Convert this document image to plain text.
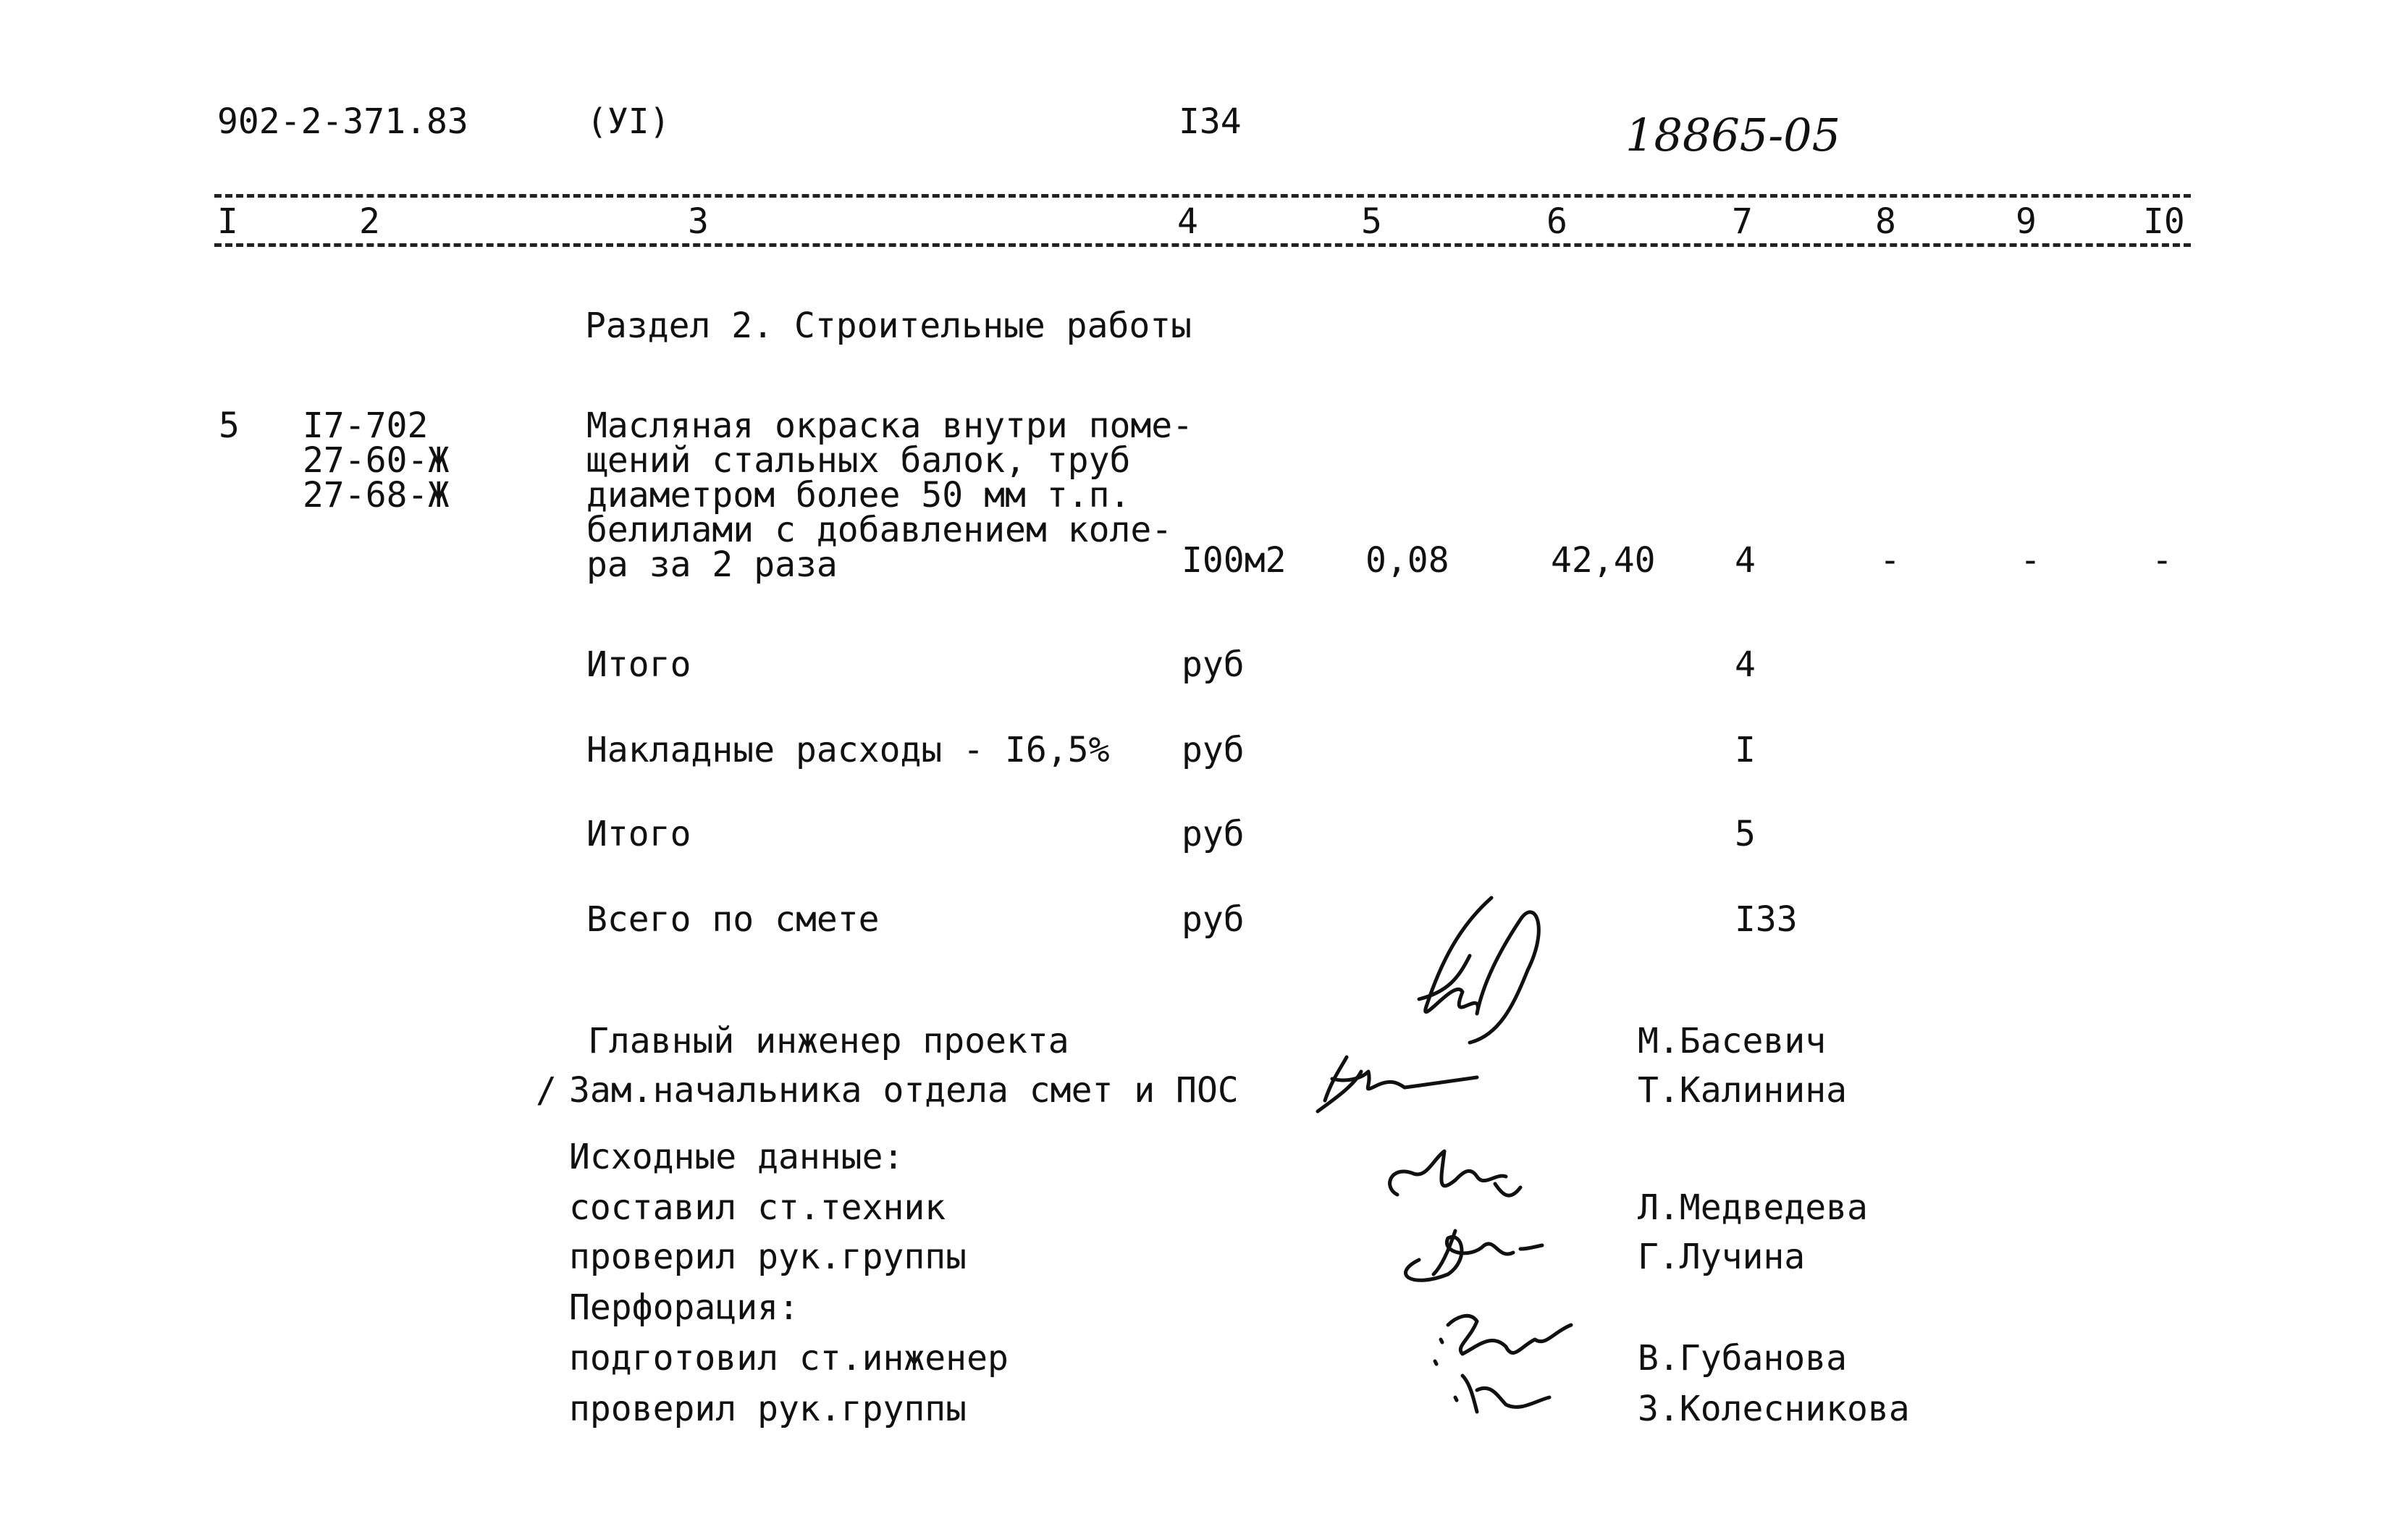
902-2-371.83	(УI)	I34	18865-05
I	2	3	4	5	6	7	8	9	I0
Раздел 2. Строительные работы
5 I7-702
27-60-Ж
27-68-Ж
Масляная окраска внутри поме-
щений стальных балок, труб
диаметром более 50 мм т.п.
белилами с добавлением коле-
ра за 2 раза	I00м2 0,08	42,40 4	-	-	-
Итого	руб	4
Накладные расходы - I6,5% руб	I
Итого	руб	5
Всего по смете	руб	I33
Главный инженер проекта	М.Басевич
/ Зам.начальника отдела смет и ПОС	Т.Калинина
Исходные данные:
составил ст.техник	Л.Медведева
проверил рук.группы	Г.Лучина
Перфорация:
подготовил ст.инженер	В.Губанова
проверил рук.группы	З.Колесникова
